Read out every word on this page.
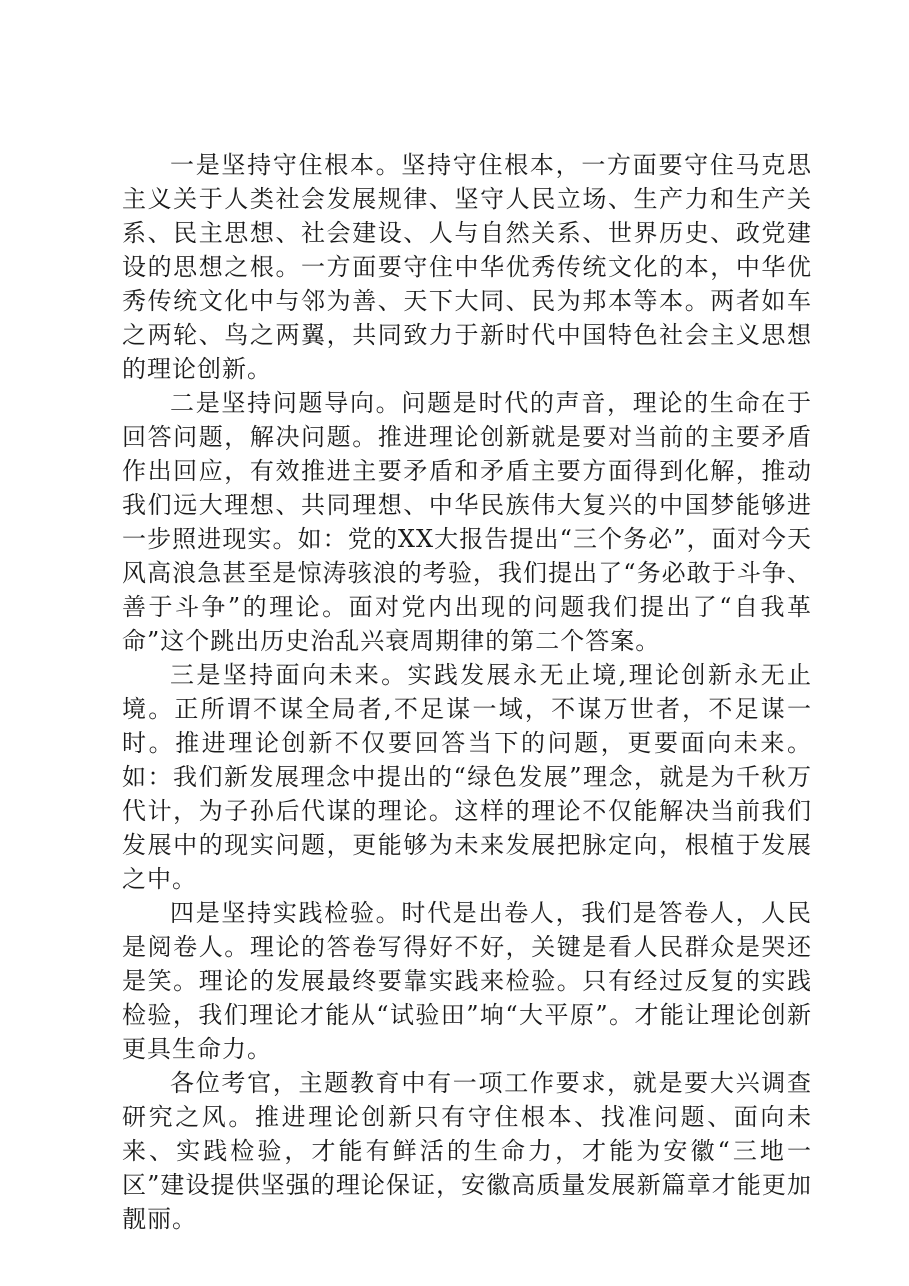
一是坚持守住根本。坚持守住根本，一方面要守住马克思主义关于人类社会发展规律、坚守人民立场、生产力和生产关系、民主思想、社会建设、人与自然关系、世界历史、政党建设的思想之根。一方面要守住中华优秀传统文化的本，中华优秀传统文化中与邻为善、天下大同、民为邦本等本。两者如车之两轮、鸟之两翼，共同致力于新时代中国特色社会主义思想的理论创新。

二是坚持问题导向。问题是时代的声音，理论的生命在于回答问题，解决问题。推进理论创新就是要对当前的主要矛盾作出回应，有效推进主要矛盾和矛盾主要方面得到化解，推动我们远大理想、共同理想、中华民族伟大复兴的中国梦能够进一步照进现实。如：党的XX大报告提出“三个务必”，面对今天风高浪急甚至是惊涛骇浪的考验，我们提出了“务必敢于斗争、善于斗争”的理论。面对党内出现的问题我们提出了“自我革命”这个跳出历史治乱兴衰周期律的第二个答案。

三是坚持面向未来。实践发展永无止境,理论创新永无止境。正所谓不谋全局者,不足谋一域，不谋万世者，不足谋一时。推进理论创新不仅要回答当下的问题，更要面向未来。如：我们新发展理念中提出的“绿色发展”理念，就是为千秋万代计，为子孙后代谋的理论。这样的理论不仅能解决当前我们发展中的现实问题，更能够为未来发展把脉定向，根植于发展之中。

四是坚持实践检验。时代是出卷人，我们是答卷人，人民是阅卷人。理论的答卷写得好不好，关键是看人民群众是哭还是笑。理论的发展最终要靠实践来检验。只有经过反复的实践检验，我们理论才能从“试验田”垧“大平原”。才能让理论创新更具生命力。

各位考官，主题教育中有一项工作要求，就是要大兴调查研究之风。推进理论创新只有守住根本、找准问题、面向未来、实践检验，才能有鲜活的生命力，才能为安徽“三地一区”建设提供坚强的理论保证，安徽高质量发展新篇章才能更加靓丽。
